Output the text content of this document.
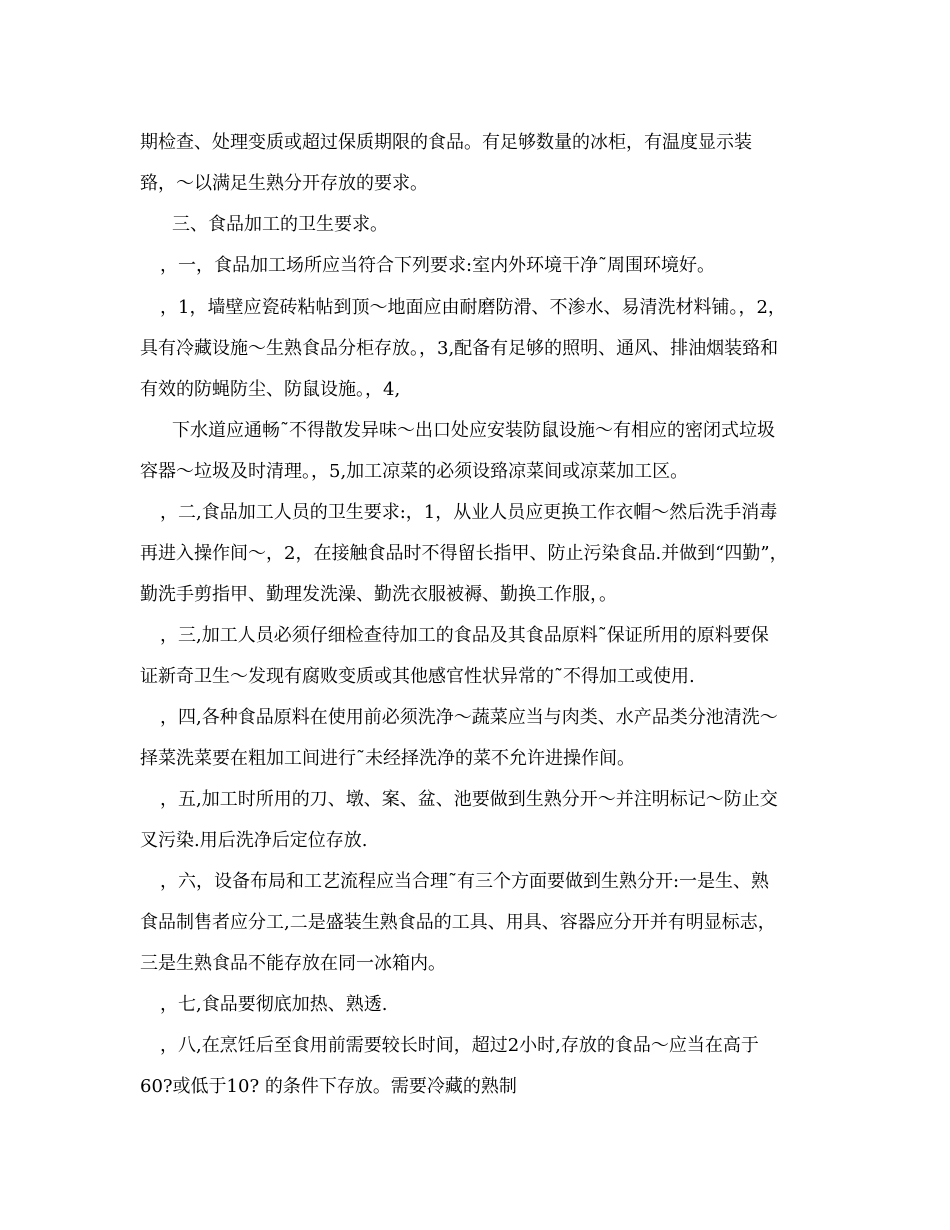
期检查、处理变质或超过保质期限的食品。有足够数量的冰柜，有温度显示装
臵，～以满足生熟分开存放的要求。
三、食品加工的卫生要求。
，一，食品加工场所应当符合下列要求:室内外环境干净˜周围环境好。
，1，墙壁应瓷砖粘帖到顶～地面应由耐磨防滑、不渗水、易清洗材料铺。，2，
具有冷藏设施～生熟食品分柜存放。，3,配备有足够的照明、通风、排油烟装臵和
有效的防蝇防尘、防鼠设施。，4,
下水道应通畅˜不得散发异味～出口处应安装防鼠设施～有相应的密闭式垃圾
容器～垃圾及时清理。，5,加工凉菜的必须设臵凉菜间或凉菜加工区。
，二,食品加工人员的卫生要求:，1，从业人员应更换工作衣帽～然后洗手消毒
再进入操作间～，2，在接触食品时不得留长指甲、防止污染食品.并做到“四勤”，
勤洗手剪指甲、勤理发洗澡、勤洗衣服被褥、勤换工作服，。
，三,加工人员必须仔细检查待加工的食品及其食品原料˜保证所用的原料要保
证新奇卫生～发现有腐败变质或其他感官性状异常的˜不得加工或使用.
，四,各种食品原料在使用前必须洗净～蔬菜应当与肉类、水产品类分池清洗～
择菜洗菜要在粗加工间进行˜未经择洗净的菜不允许进操作间。
，五,加工时所用的刀、墩、案、盆、池要做到生熟分开～并注明标记～防止交
叉污染.用后洗净后定位存放.
，六，设备布局和工艺流程应当合理˜有三个方面要做到生熟分开:一是生、熟
食品制售者应分工,二是盛装生熟食品的工具、用具、容器应分开并有明显标志，
三是生熟食品不能存放在同一冰箱内。
，七,食品要彻底加热、熟透.
，八,在烹饪后至食用前需要较长时间，超过2小时,存放的食品～应当在高于
60?或低于10? 的条件下存放。需要冷藏的熟制
